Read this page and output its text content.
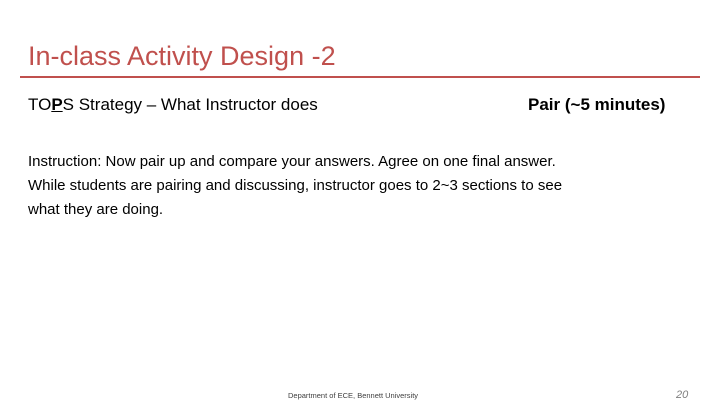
In-class Activity Design -2
TOPS Strategy – What Instructor does	Pair (~5 minutes)

Instruction: Now pair up and compare your answers. Agree on one final answer.

While students are pairing and discussing, instructor goes to 2~3 sections to see

what they are doing.

Department of ECE, Bennett University	20
